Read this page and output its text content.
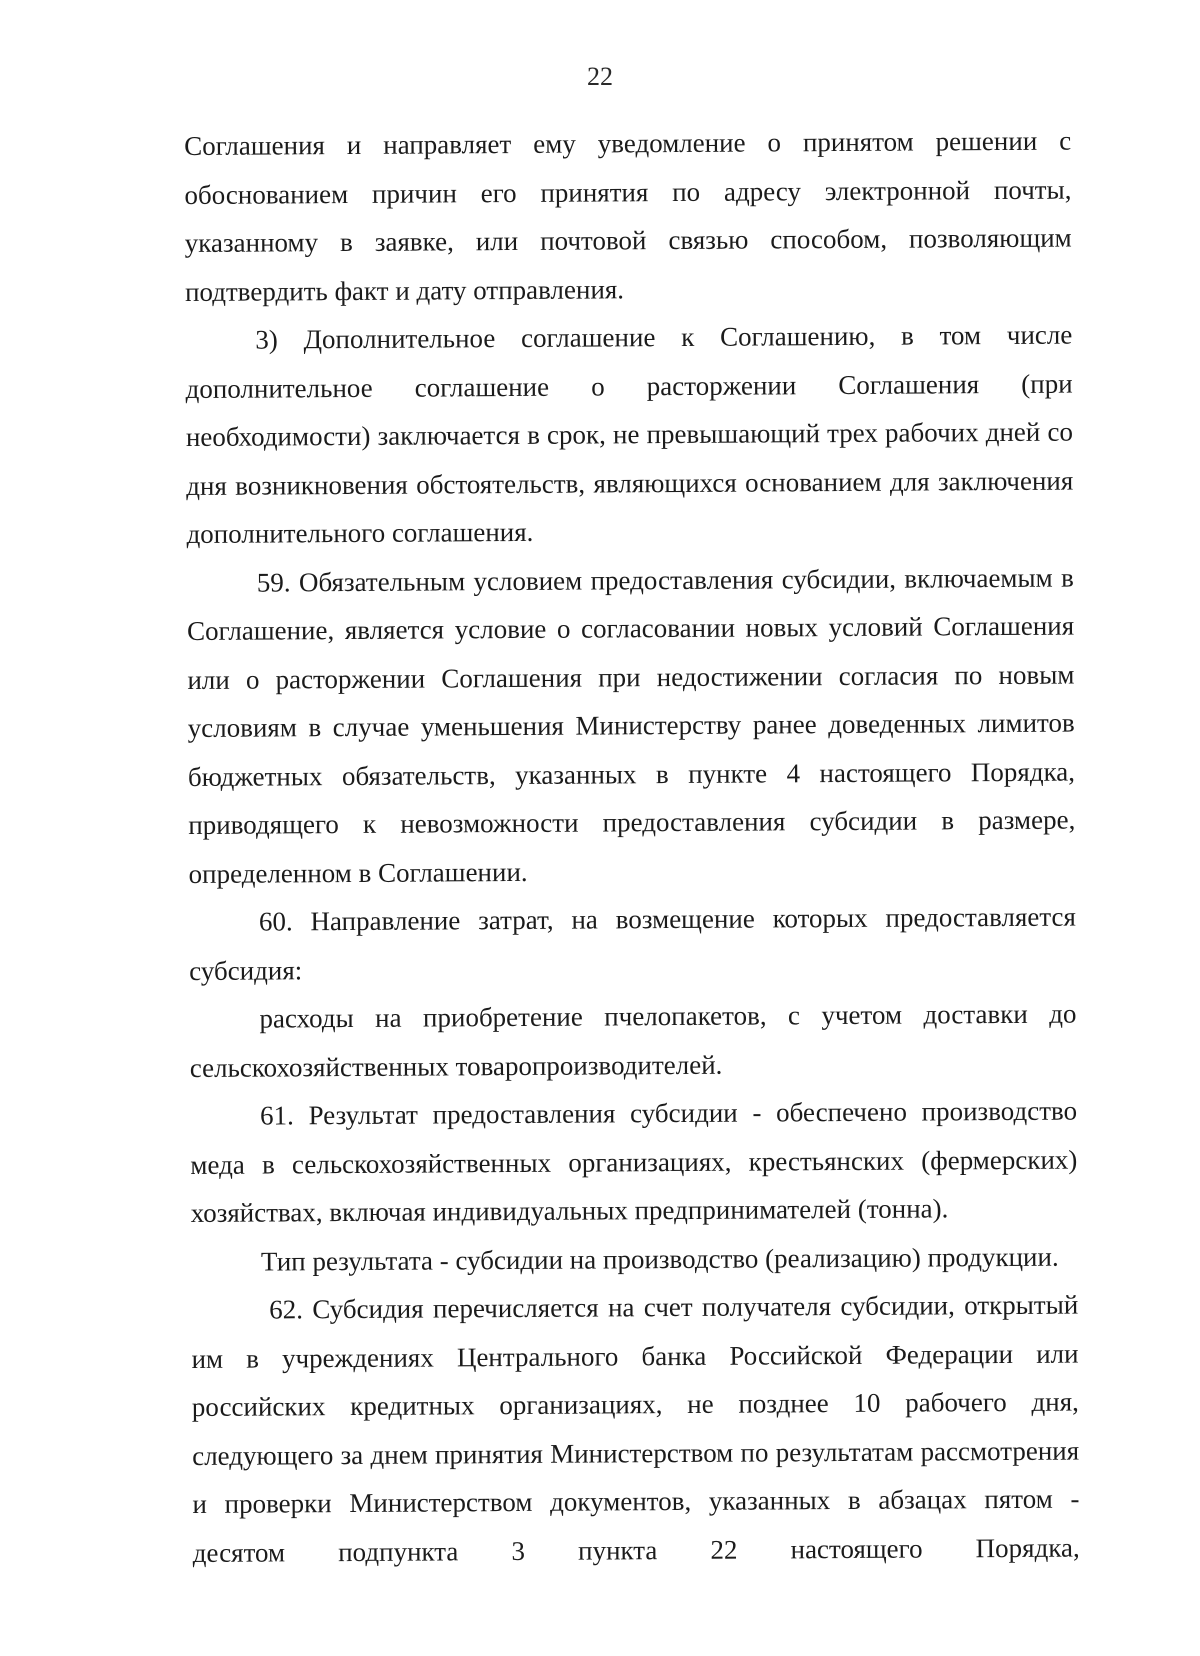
22

Соглашения и направляет ему уведомление о принятом решении с обоснованием причин его принятия по адресу электронной почты, указанному в заявке, или почтовой связью способом, позволяющим подтвердить факт и дату отправления.

3) Дополнительное соглашение к Соглашению, в том числе дополнительное соглашение о расторжении Соглашения (при необходимости) заключается в срок, не превышающий трех рабочих дней со дня возникновения обстоятельств, являющихся основанием для заключения дополнительного соглашения.

59. Обязательным условием предоставления субсидии, включаемым в Соглашение, является условие о согласовании новых условий Соглашения или о расторжении Соглашения при недостижении согласия по новым условиям в случае уменьшения Министерству ранее доведенных лимитов бюджетных обязательств, указанных в пункте 4 настоящего Порядка, приводящего к невозможности предоставления субсидии в размере, определенном в Соглашении.

60. Направление затрат, на возмещение которых предоставляется субсидия:

расходы на приобретение пчелопакетов, с учетом доставки до сельскохозяйственных товаропроизводителей.

61. Результат предоставления субсидии - обеспечено производство меда в сельскохозяйственных организациях, крестьянских (фермерских) хозяйствах, включая индивидуальных предпринимателей (тонна).

Тип результата - субсидии на производство (реализацию) продукции.

62. Субсидия перечисляется на счет получателя субсидии, открытый им в учреждениях Центрального банка Российской Федерации или российских кредитных организациях, не позднее 10 рабочего дня, следующего за днем принятия Министерством по результатам рассмотрения и проверки Министерством документов, указанных в абзацах пятом - десятом подпункта 3 пункта 22 настоящего Порядка,
